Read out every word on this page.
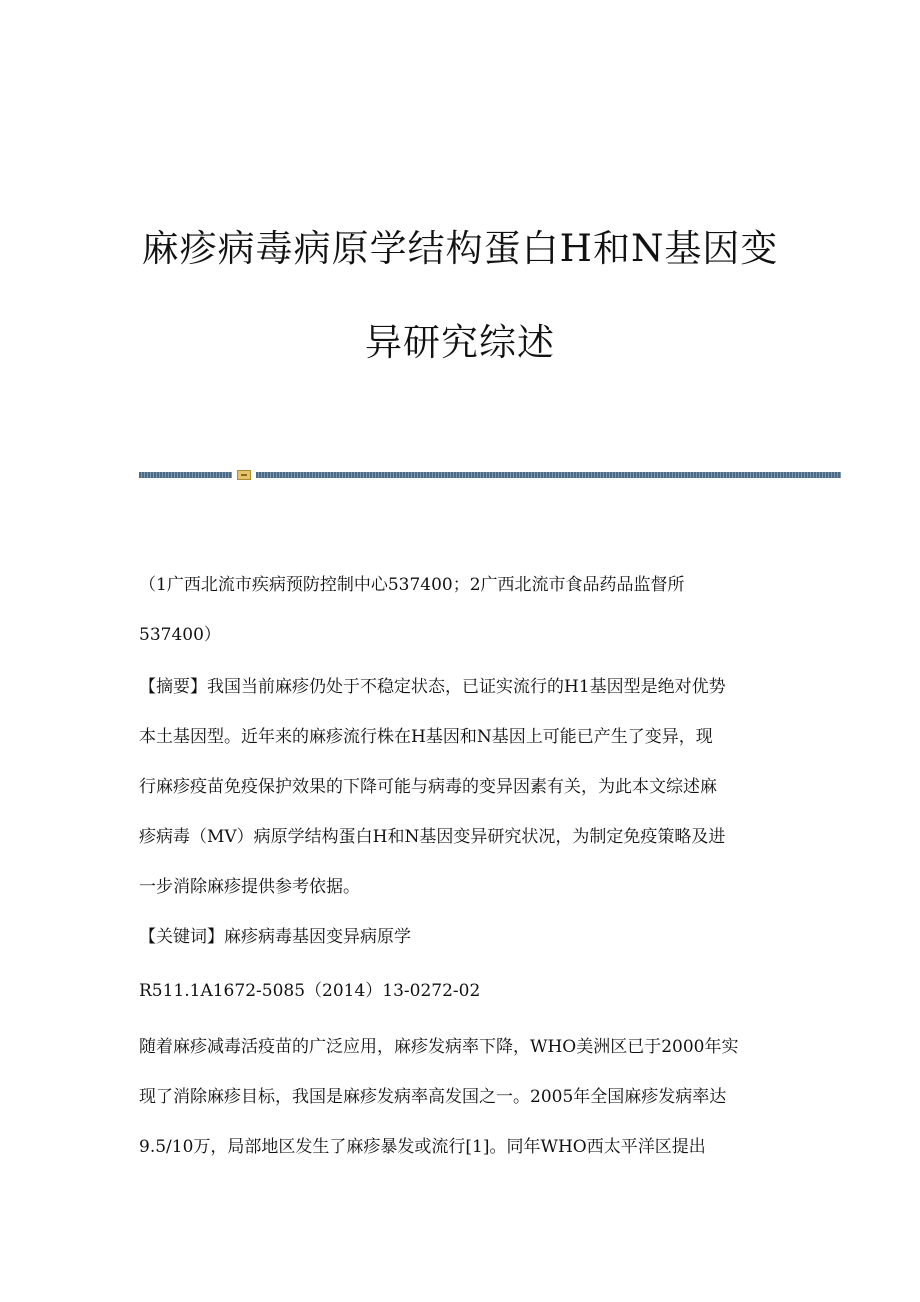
麻疹病毒病原学结构蛋白H和N基因变
异研究综述

（1广西北流市疾病预防控制中心537400；2广西北流市食品药品监督所

537400）

【摘要】我国当前麻疹仍处于不稳定状态，已证实流行的H1基因型是绝对优势

本土基因型。近年来的麻疹流行株在H基因和N基因上可能已产生了变异，现

行麻疹疫苗免疫保护效果的下降可能与病毒的变异因素有关，为此本文综述麻

疹病毒（MV）病原学结构蛋白H和N基因变异研究状况，为制定免疫策略及进

一步消除麻疹提供参考依据。

【关键词】麻疹病毒基因变异病原学

R511.1A1672-5085（2014）13-0272-02

随着麻疹减毒活疫苗的广泛应用，麻疹发病率下降，WHO美洲区已于2000年实

现了消除麻疹目标，我国是麻疹发病率高发国之一。2005年全国麻疹发病率达

9.5/10万，局部地区发生了麻疹暴发或流行[1]。同年WHO西太平洋区提出
